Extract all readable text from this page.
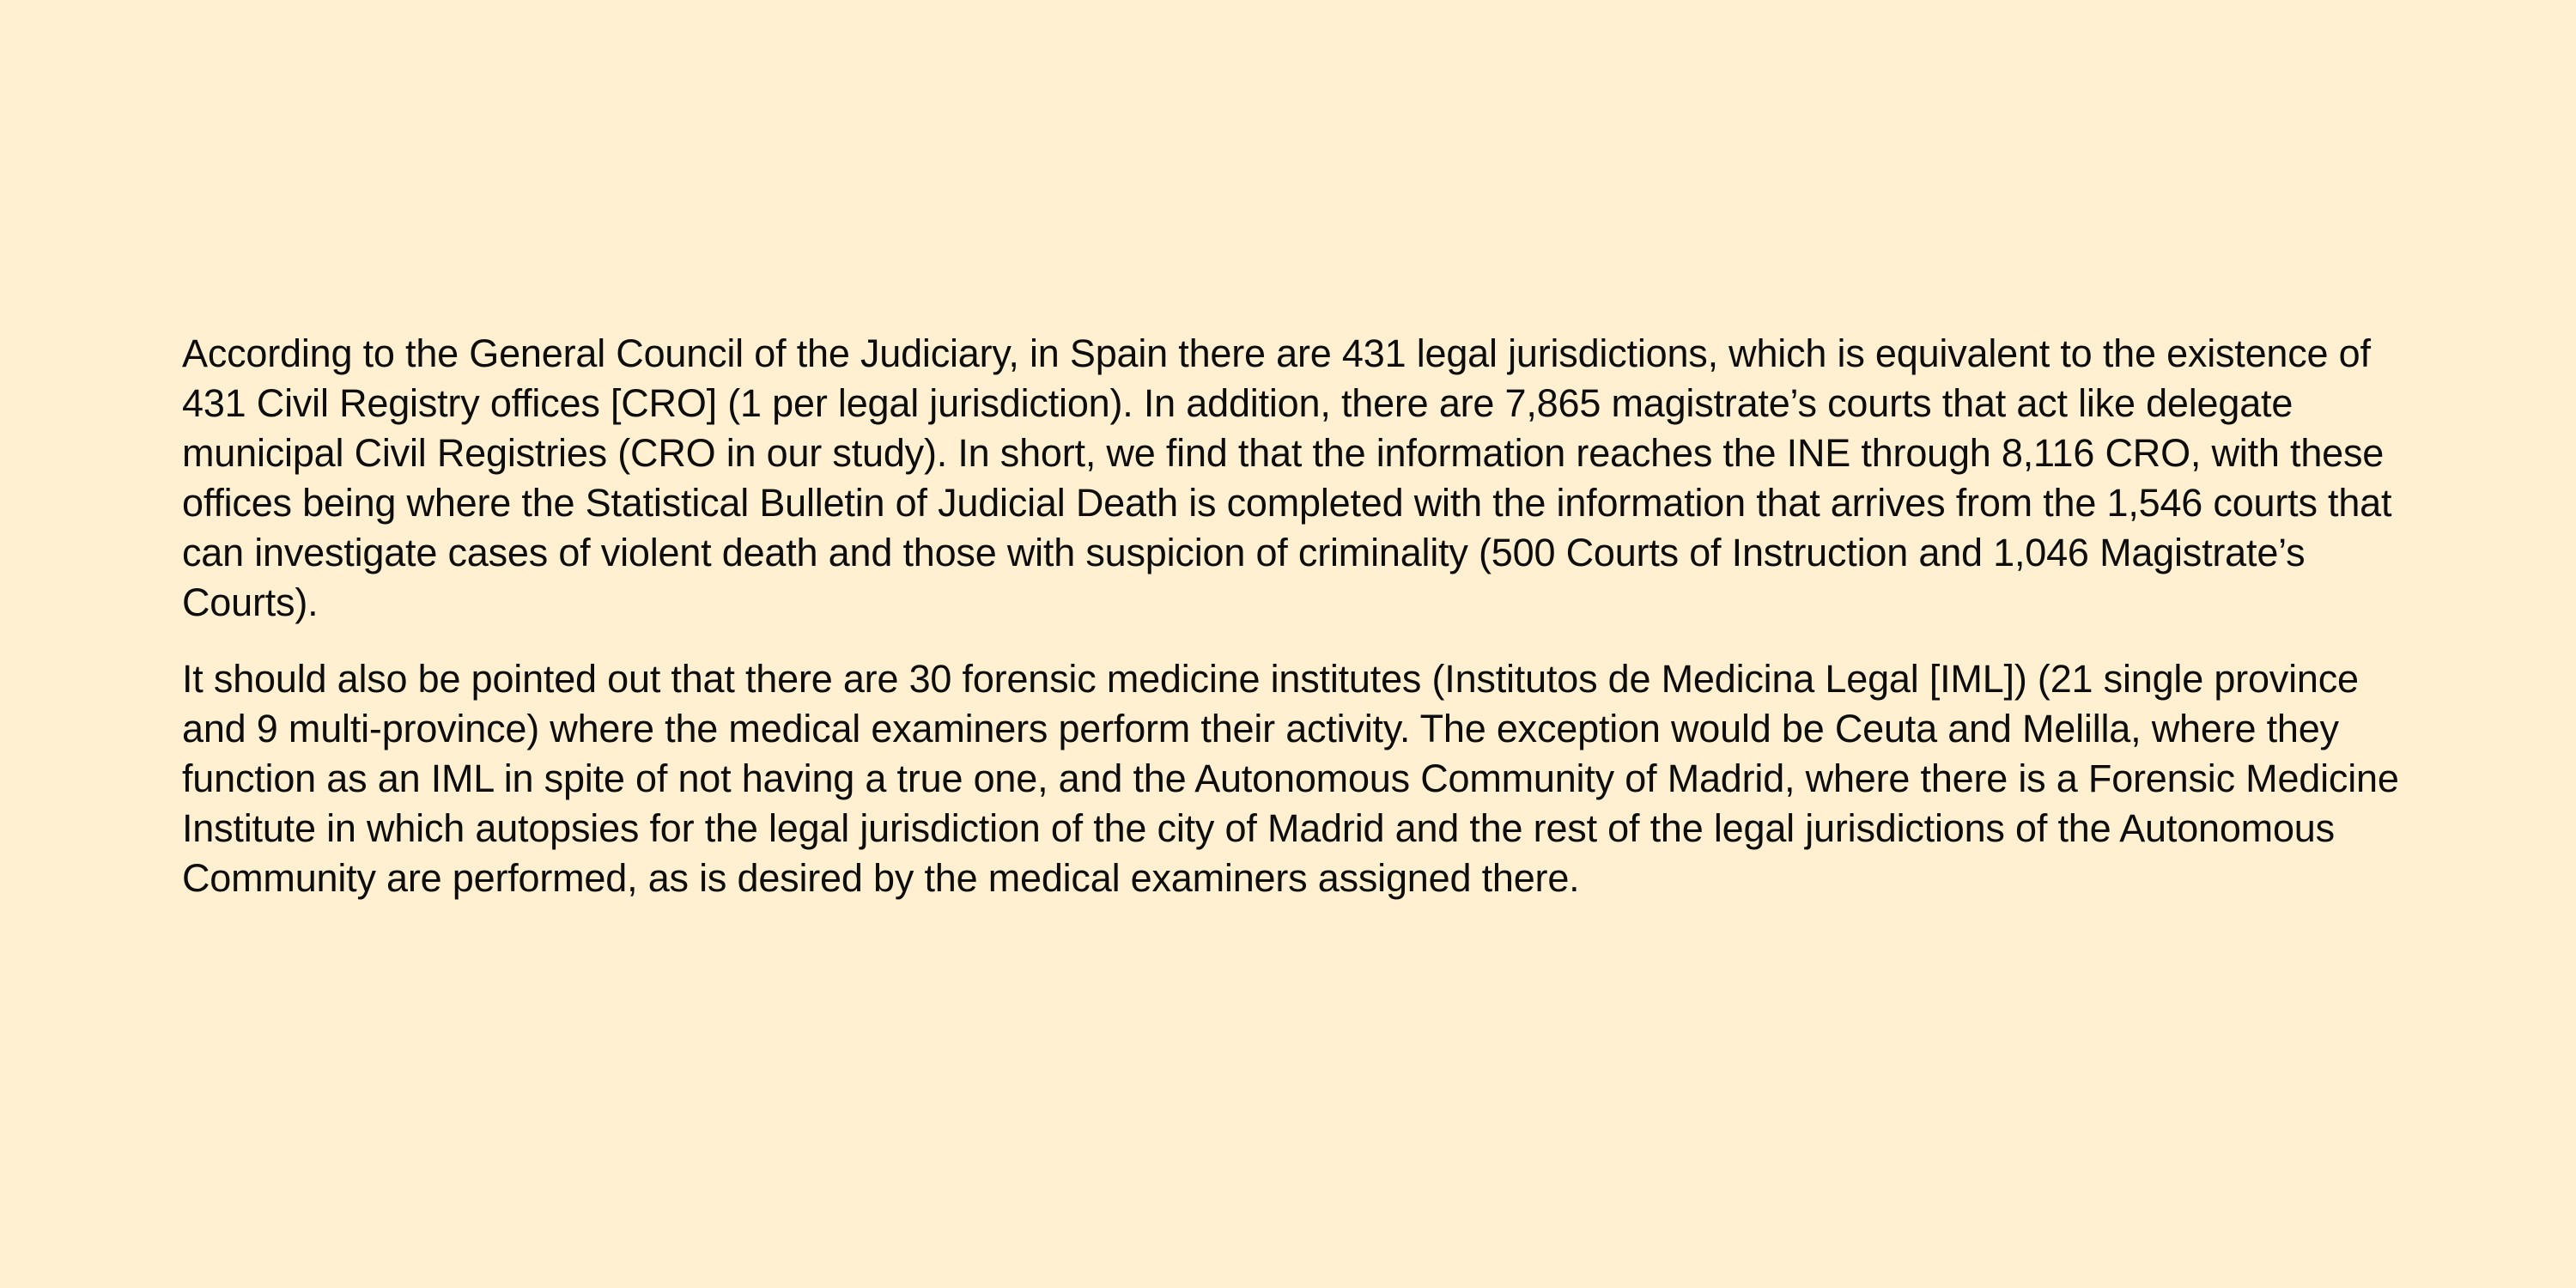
According to the General Council of the Judiciary, in Spain there are 431 legal jurisdictions, which is equivalent to the existence of 431 Civil Registry offices [CRO] (1 per legal jurisdiction). In addition, there are 7,865 magistrate’s courts that act like delegate municipal Civil Registries (CRO in our study). In short, we find that the information reaches the INE through 8,116 CRO, with these offices being where the Statistical Bulletin of Judicial Death is completed with the information that arrives from the 1,546 courts that can investigate cases of violent death and those with suspicion of criminality (500 Courts of Instruction and 1,046 Magistrate’s Courts).

It should also be pointed out that there are 30 forensic medicine institutes (Institutos de Medicina Legal [IML]) (21 single province and 9 multi-province) where the medical examiners perform their activity. The exception would be Ceuta and Melilla, where they function as an IML in spite of not having a true one, and the Autonomous Community of Madrid, where there is a Forensic Medicine Institute in which autopsies for the legal jurisdiction of the city of Madrid and the rest of the legal jurisdictions of the Autonomous Community are performed, as is desired by the medical examiners assigned there.
